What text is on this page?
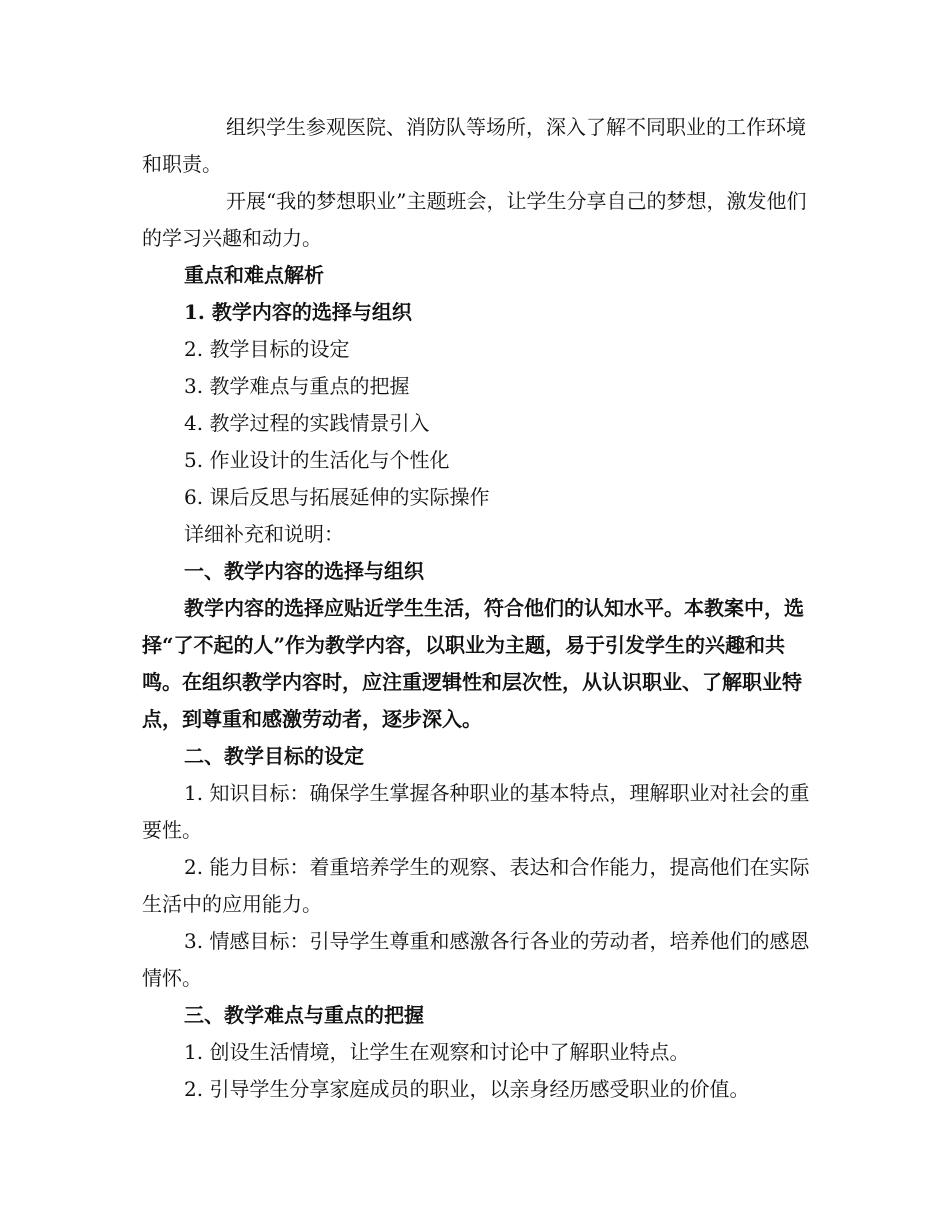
组织学生参观医院、消防队等场所，深入了解不同职业的工作环境和职责。

开展“我的梦想职业”主题班会，让学生分享自己的梦想，激发他们的学习兴趣和动力。

重点和难点解析

1. 教学内容的选择与组织

2. 教学目标的设定

3. 教学难点与重点的把握

4. 教学过程的实践情景引入

5. 作业设计的生活化与个性化

6. 课后反思与拓展延伸的实际操作

详细补充和说明：

一、教学内容的选择与组织

教学内容的选择应贴近学生生活，符合他们的认知水平。本教案中，选择“了不起的人”作为教学内容，以职业为主题，易于引发学生的兴趣和共鸣。在组织教学内容时，应注重逻辑性和层次性，从认识职业、了解职业特点，到尊重和感激劳动者，逐步深入。

二、教学目标的设定

1. 知识目标：确保学生掌握各种职业的基本特点，理解职业对社会的重要性。

2. 能力目标：着重培养学生的观察、表达和合作能力，提高他们在实际生活中的应用能力。

3. 情感目标：引导学生尊重和感激各行各业的劳动者，培养他们的感恩情怀。

三、教学难点与重点的把握

1. 创设生活情境，让学生在观察和讨论中了解职业特点。

2. 引导学生分享家庭成员的职业，以亲身经历感受职业的价值。
